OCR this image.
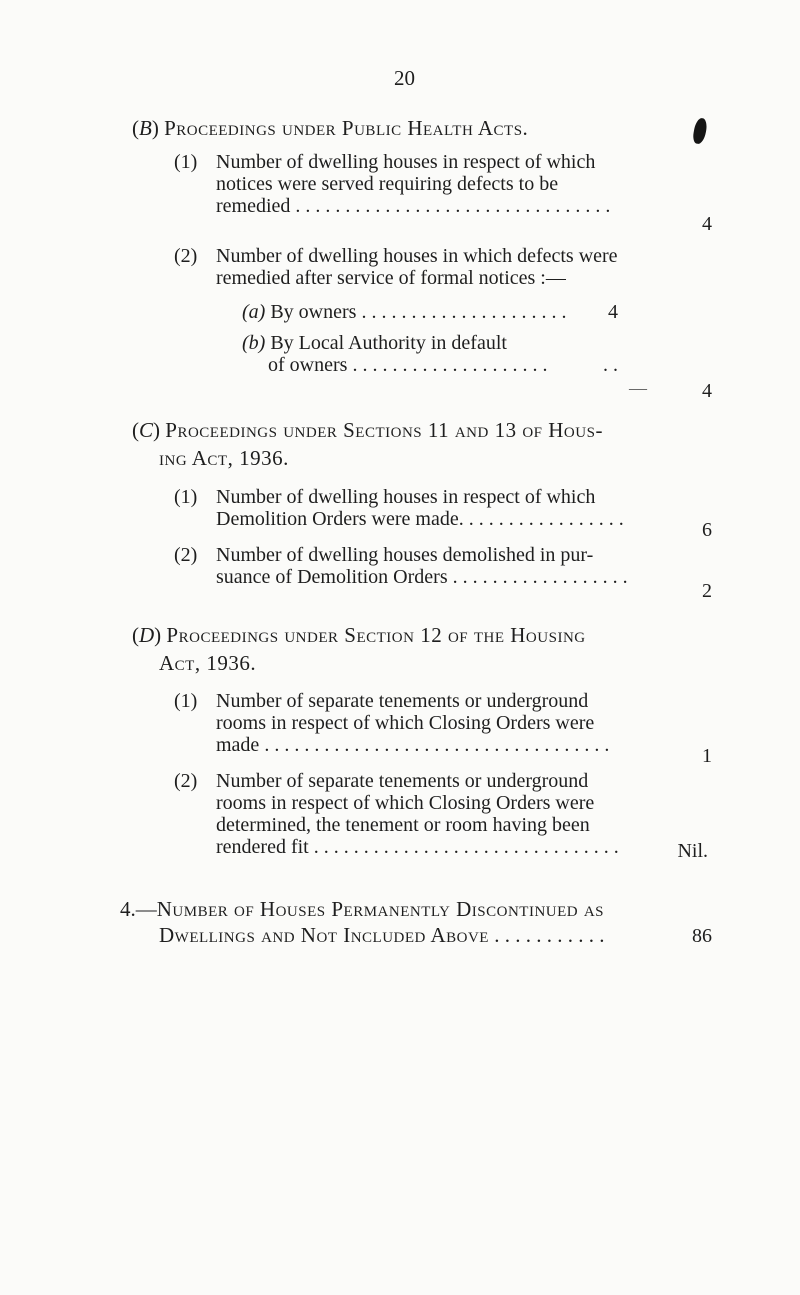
20
(B) Proceedings under Public Health Acts.
(1) Number of dwelling houses in respect of which
notices were served requiring defects to be
remedied . . . . . . . . . . . . . . . . . . . . . . . . . . . . . . . .
4
(2) Number of dwelling houses in which defects were
remedied after service of formal notices :—
(a) By owners . . . . . . . . . . . . . . . . . . . . .	4
(b) By Local Authority in default
of owners . . . . . . . . . . . . . . . . . . . .	. .
—	4
(C) Proceedings under Sections 11 and 13 of Hous-
ing Act, 1936.
(1) Number of dwelling houses in respect of which
Demolition Orders were made. . . . . . . . . . . . . . . . .	6
(2) Number of dwelling houses demolished in pur-
suance of Demolition Orders . . . . . . . . . . . . . . . . . .
2
(D) Proceedings under Section 12 of the Housing
Act, 1936.
(1) Number of separate tenements or underground
rooms in respect of which Closing Orders were
made . . . . . . . . . . . . . . . . . . . . . . . . . . . . . . . . . . .	1
(2) Number of separate tenements or underground
rooms in respect of which Closing Orders were
determined, the tenement or room having been
rendered fit . . . . . . . . . . . . . . . . . . . . . . . . . . . . . . .	Nil.
4.—Number of Houses Permanently Discontinued as
Dwellings and Not Included Above . . . . . . . . . . .	86
